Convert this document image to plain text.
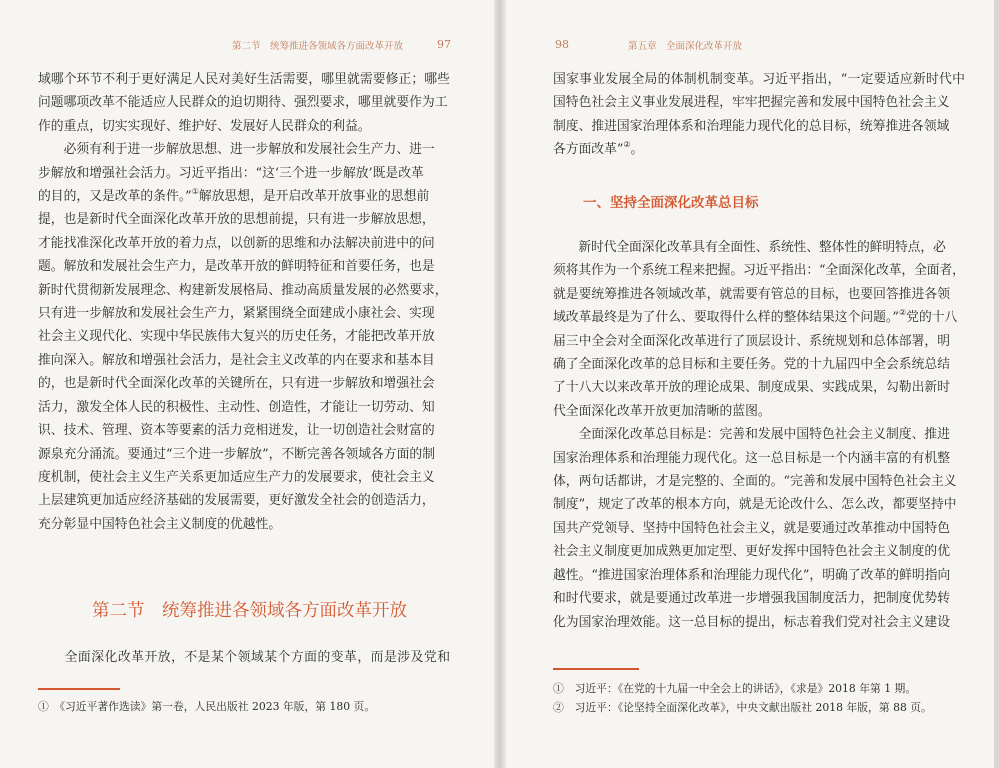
第二节　统筹推进各领域各方面改革开放	97
域哪个环节不利于更好满足人民对美好生活需要，哪里就需要修正；哪些
问题哪项改革不能适应人民群众的迫切期待、强烈要求，哪里就要作为工
作的重点，切实实现好、维护好、发展好人民群众的利益。
　　必须有利于进一步解放思想、进一步解放和发展社会生产力、进一
步解放和增强社会活力。习近平指出：“这‘三个进一步解放’既是改革
的目的，又是改革的条件。”①解放思想，是开启改革开放事业的思想前
提，也是新时代全面深化改革开放的思想前提，只有进一步解放思想，
才能找准深化改革开放的着力点，以创新的思维和办法解决前进中的问
题。解放和发展社会生产力，是改革开放的鲜明特征和首要任务，也是
新时代贯彻新发展理念、构建新发展格局、推动高质量发展的必然要求，
只有进一步解放和发展社会生产力，紧紧围绕全面建成小康社会、实现
社会主义现代化、实现中华民族伟大复兴的历史任务，才能把改革开放
推向深入。解放和增强社会活力，是社会主义改革的内在要求和基本目
的，也是新时代全面深化改革的关键所在，只有进一步解放和增强社会
活力，激发全体人民的积极性、主动性、创造性，才能让一切劳动、知
识、技术、管理、资本等要素的活力竞相迸发，让一切创造社会财富的
源泉充分涌流。要通过“三个进一步解放”，不断完善各领域各方面的制
度机制，使社会主义生产关系更加适应生产力的发展要求，使社会主义
上层建筑更加适应经济基础的发展需要，更好激发全社会的创造活力，
充分彰显中国特色社会主义制度的优越性。
第二节　统筹推进各领域各方面改革开放
　　全面深化改革开放，不是某个领域某个方面的变革，而是涉及党和
①　《习近平著作选读》第一卷，人民出版社 2023 年版，第 180 页。
98	第五章　全面深化改革开放
国家事业发展全局的体制机制变革。习近平指出，“一定要适应新时代中
国特色社会主义事业发展进程，牢牢把握完善和发展中国特色社会主义
制度、推进国家治理体系和治理能力现代化的总目标，统筹推进各领域
各方面改革”②。
一、坚持全面深化改革总目标
　　新时代全面深化改革具有全面性、系统性、整体性的鲜明特点，必
须将其作为一个系统工程来把握。习近平指出：“全面深化改革，全面者，
就是要统筹推进各领域改革，就需要有管总的目标，也要回答推进各领
域改革最终是为了什么、要取得什么样的整体结果这个问题。”②党的十八
届三中全会对全面深化改革进行了顶层设计、系统规划和总体部署，明
确了全面深化改革的总目标和主要任务。党的十九届四中全会系统总结
了十八大以来改革开放的理论成果、制度成果、实践成果，勾勒出新时
代全面深化改革开放更加清晰的蓝图。
　　全面深化改革总目标是：完善和发展中国特色社会主义制度、推进
国家治理体系和治理能力现代化。这一总目标是一个内涵丰富的有机整
体，两句话都讲，才是完整的、全面的。“完善和发展中国特色社会主义
制度”，规定了改革的根本方向，就是无论改什么、怎么改，都要坚持中
国共产党领导、坚持中国特色社会主义，就是要通过改革推动中国特色
社会主义制度更加成熟更加定型、更好发挥中国特色社会主义制度的优
越性。“推进国家治理体系和治理能力现代化”，明确了改革的鲜明指向
和时代要求，就是要通过改革进一步增强我国制度活力，把制度优势转
化为国家治理效能。这一总目标的提出，标志着我们党对社会主义建设
①　习近平：《在党的十九届一中全会上的讲话》，《求是》2018 年第 1 期。
②　习近平：《论坚持全面深化改革》，中央文献出版社 2018 年版，第 88 页。
